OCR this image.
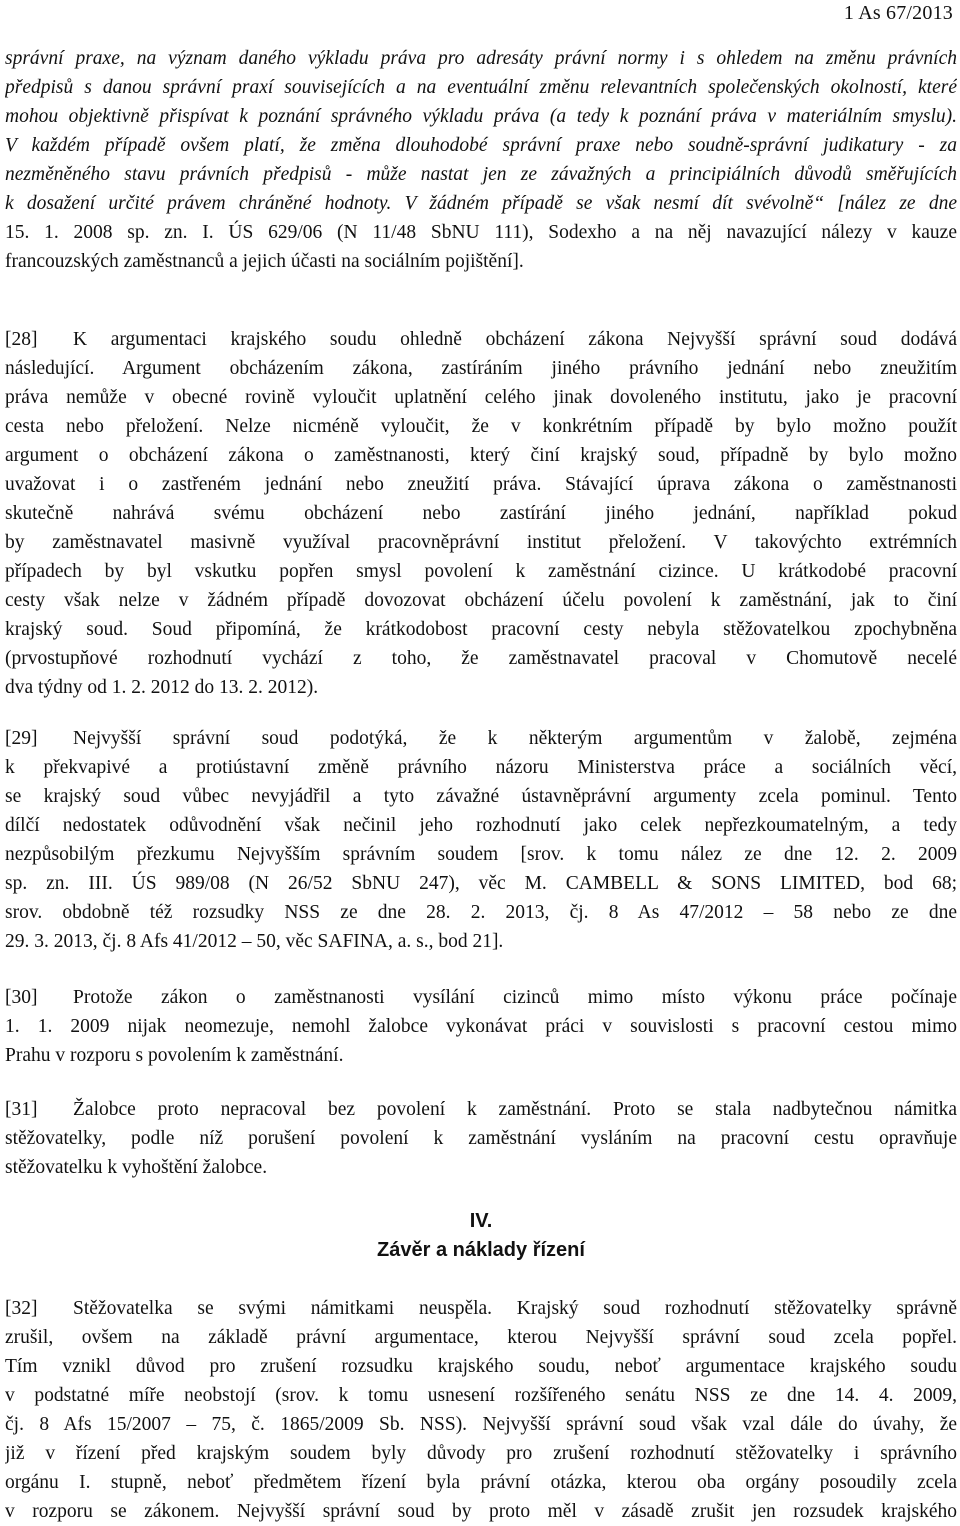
1 As 67/2013
správní praxe, na význam daného výkladu práva pro adresáty právní normy i s ohledem na změnu právních
předpisů s danou správní praxí souvisejících a na eventuální změnu relevantních společenských okolností, které
mohou objektivně přispívat k poznání správného výkladu práva (a tedy k poznání práva v materiálním smyslu).
V každém případě ovšem platí, že změna dlouhodobé správní praxe nebo soudně-správní judikatury - za
nezměněného stavu právních předpisů - může nastat jen ze závažných a principiálních důvodů směřujících
k dosažení určité právem chráněné hodnoty. V žádném případě se však nesmí dít svévolně“ [nález ze dne
15. 1. 2008 sp. zn. I. ÚS 629/06 (N 11/48 SbNU 111), Sodexho a na něj navazující nálezy v kauze
francouzských zaměstnanců a jejich účasti na sociálním pojištění].
[28] K argumentaci krajského soudu ohledně obcházení zákona Nejvyšší správní soud dodává
následující. Argument obcházením zákona, zastíráním jiného právního jednání nebo zneužitím
práva nemůže v obecné rovině vyloučit uplatnění celého jinak dovoleného institutu, jako je pracovní
cesta nebo přeložení. Nelze nicméně vyloučit, že v konkrétním případě by bylo možno použít
argument o obcházení zákona o zaměstnanosti, který činí krajský soud, případně by bylo možno
uvažovat i o zastřeném jednání nebo zneužití práva. Stávající úprava zákona o zaměstnanosti
skutečně nahrává svému obcházení nebo zastírání jiného jednání, například pokud
by zaměstnavatel masivně využíval pracovněprávní institut přeložení. V takovýchto extrémních
případech by byl vskutku popřen smysl povolení k zaměstnání cizince. U krátkodobé pracovní
cesty však nelze v žádném případě dovozovat obcházení účelu povolení k zaměstnání, jak to činí
krajský soud. Soud připomíná, že krátkodobost pracovní cesty nebyla stěžovatelkou zpochybněna
(prvostupňové rozhodnutí vychází z toho, že zaměstnavatel pracoval v Chomutově necelé
dva týdny od 1. 2. 2012 do 13. 2. 2012).
[29] Nejvyšší správní soud podotýká, že k některým argumentům v žalobě, zejména
k překvapivé a protiústavní změně právního názoru Ministerstva práce a sociálních věcí,
se krajský soud vůbec nevyjádřil a tyto závažné ústavněprávní argumenty zcela pominul. Tento
dílčí nedostatek odůvodnění však nečinil jeho rozhodnutí jako celek nepřezkoumatelným, a tedy
nezpůsobilým přezkumu Nejvyšším správním soudem [srov. k tomu nález ze dne 12. 2. 2009
sp. zn. III. ÚS 989/08 (N 26/52 SbNU 247), věc M. CAMBELL & SONS LIMITED, bod 68;
srov. obdobně též rozsudky NSS ze dne 28. 2. 2013, čj. 8 As 47/2012 – 58 nebo ze dne
29. 3. 2013, čj. 8 Afs 41/2012 – 50, věc SAFINA, a. s., bod 21].
[30] Protože zákon o zaměstnanosti vysílání cizinců mimo místo výkonu práce počínaje
1. 1. 2009 nijak neomezuje, nemohl žalobce vykonávat práci v souvislosti s pracovní cestou mimo
Prahu v rozporu s povolením k zaměstnání.
[31] Žalobce proto nepracoval bez povolení k zaměstnání. Proto se stala nadbytečnou námitka
stěžovatelky, podle níž porušení povolení k zaměstnání vysláním na pracovní cestu opravňuje
stěžovatelku k vyhoštění žalobce.
IV.
Závěr a náklady řízení
[32] Stěžovatelka se svými námitkami neuspěla. Krajský soud rozhodnutí stěžovatelky správně
zrušil, ovšem na základě právní argumentace, kterou Nejvyšší správní soud zcela popřel.
Tím vznikl důvod pro zrušení rozsudku krajského soudu, neboť argumentace krajského soudu
v podstatné míře neobstojí (srov. k tomu usnesení rozšířeného senátu NSS ze dne 14. 4. 2009,
čj. 8 Afs 15/2007 – 75, č. 1865/2009 Sb. NSS). Nejvyšší správní soud však vzal dále do úvahy, že
již v řízení před krajským soudem byly důvody pro zrušení rozhodnutí stěžovatelky i správního
orgánu I. stupně, neboť předmětem řízení byla právní otázka, kterou oba orgány posoudily zcela
v rozporu se zákonem. Nejvyšší správní soud by proto měl v zásadě zrušit jen rozsudek krajského
